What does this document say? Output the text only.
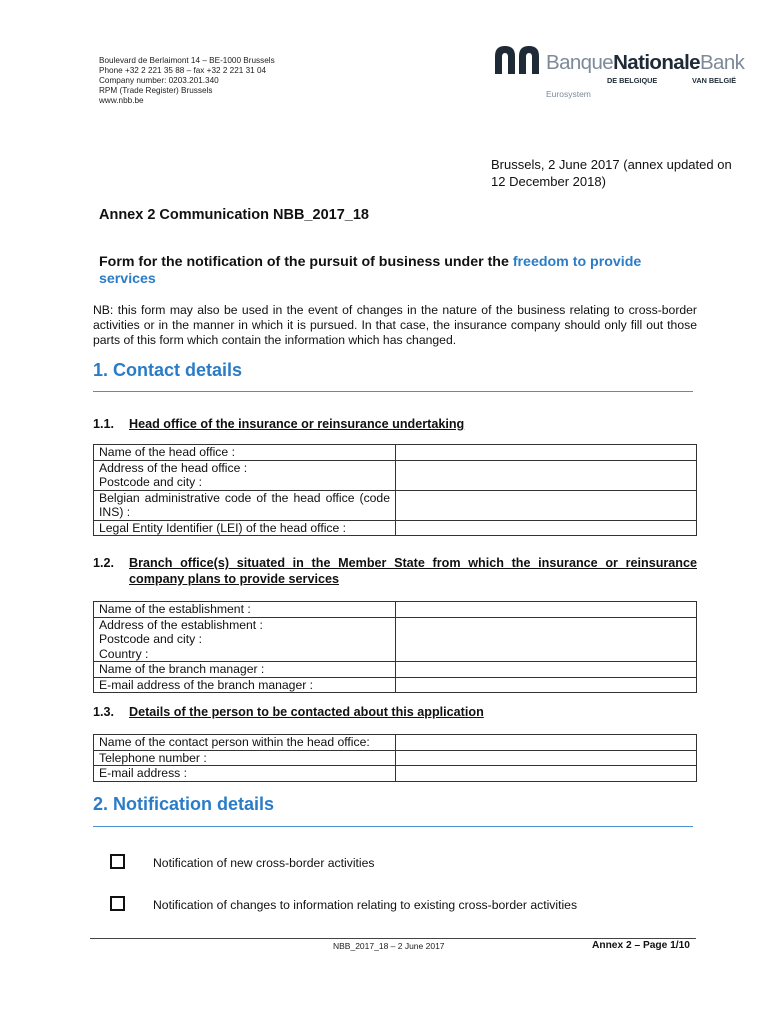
Boulevard de Berlaimont 14 – BE-1000 Brussels
Phone +32 2 221 35 88 – fax +32 2 221 31 04
Company number: 0203.201.340
RPM (Trade Register) Brussels
www.nbb.be
BanqueNationaleBank
DE BELGIQUE	VAN BELGIË
Eurosystem
Brussels, 2 June 2017 (annex updated on
12 December 2018)
Annex 2 Communication NBB_2017_18
Form for the notification of the pursuit of business under the freedom to provide services
NB: this form may also be used in the event of changes in the nature of the business relating to cross-border activities or in the manner in which it is pursued. In that case, the insurance company should only fill out those parts of this form which contain the information which has changed.
1. Contact details
1.1. Head office of the insurance or reinsurance undertaking
Name of the head office :	

Address of the head office :
Postcode and city :	

Belgian administrative code of the head office (code INS) :	
Legal Entity Identifier (LEI) of the head office :	
1.2. Branch office(s) situated in the Member State from which the insurance or reinsurance company plans to provide services
Name of the establishment :	

Address of the establishment :
Postcode and city :
Country :	

Name of the branch manager :	
E-mail address of the branch manager :	
1.3. Details of the person to be contacted about this application
Name of the contact person within the head office:	
Telephone number :	
E-mail address :	
2. Notification details
Notification of new cross-border activities
Notification of changes to information relating to existing cross-border activities
NBB_2017_18 – 2 June 2017	Annex 2 – Page 1/10
